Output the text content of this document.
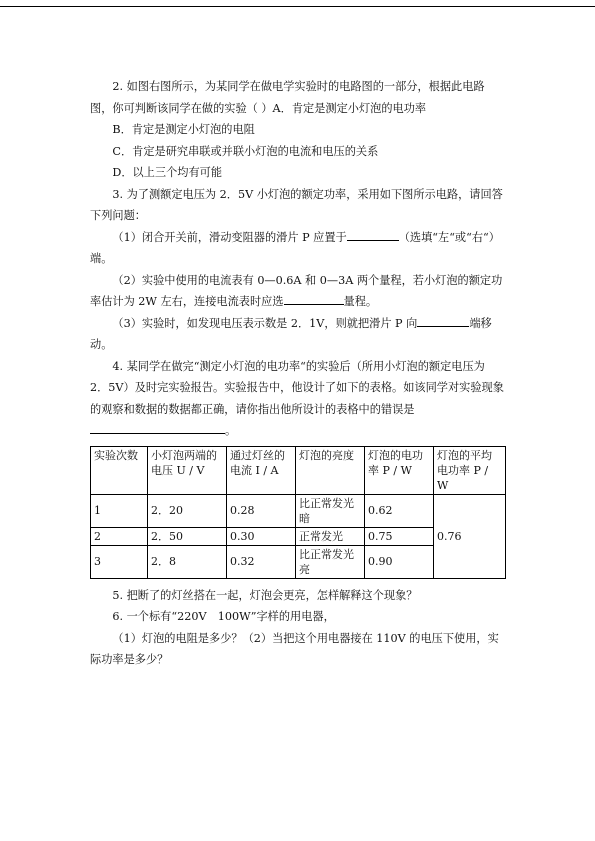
2. 如图右图所示，为某同学在做电学实验时的电路图的一部分，根据此电路图，你可判断该同学在做的实验（ ）A．肯定是测定小灯泡的电功率

B．肯定是测定小灯泡的电阻

C．肯定是研究串联或并联小灯泡的电流和电压的关系

D．以上三个均有可能

3. 为了测额定电压为 2．5V 小灯泡的额定功率，采用如下图所示电路，请回答下列问题：

（1）闭合开关前，滑动变阻器的滑片 P 应置于	（选填“左“或“右“）端。

（2）实验中使用的电流表有 0—0.6A 和 0—3A 两个量程，若小灯泡的额定功率估计为 2W 左右，连接电流表时应选	量程。

（3）实验时，如发现电压表示数是 2．1V，则就把滑片 P 向	端移动。

4. 某同学在做完“测定小灯泡的电功率“的实验后（所用小灯泡的额定电压为 2．5V）及时完实验报告。实验报告中，他设计了如下的表格。如该同学对实验现象的观察和数据的数据都正确，请你指出他所设计的表格中的错误是

。

实验次数	小灯泡两端的电压 U / V	通过灯丝的电流 I / A	灯泡的亮度	灯泡的电功率 P / W	灯泡的平均电功率 P / W
1	2．20	0.28	比正常发光暗	0.62	0.76
2	2．50	0.30	正常发光	0.75	
3	2．8	0.32	比正常发光亮	0.90	

5. 把断了的灯丝搭在一起，灯泡会更亮，怎样解释这个现象？

6. 一个标有“220V　100W”字样的用电器，

（1）灯泡的电阻是多少？（2）当把这个用电器接在 110V 的电压下使用，实际功率是多少？
